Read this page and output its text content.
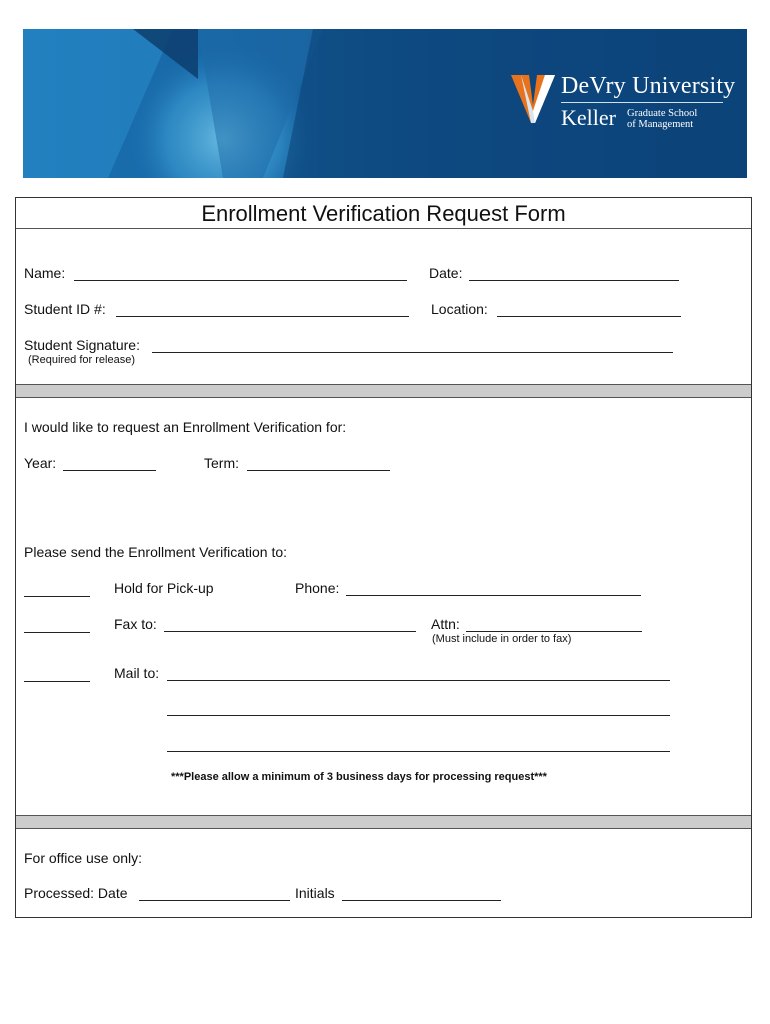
DeVry University
Keller Graduate School
of Management
Enrollment Verification Request Form
Name:	Date:
Student ID #:	Location:
Student Signature:
(Required for release)
I would like to request an Enrollment Verification for:
Year:	Term:
Please send the Enrollment Verification to:
Hold for Pick-up	Phone:
Fax to:	Attn:
(Must include in order to fax)
Mail to:
***Please allow a minimum of 3 business days for processing request***
For office use only:
Processed: Date	Initials
